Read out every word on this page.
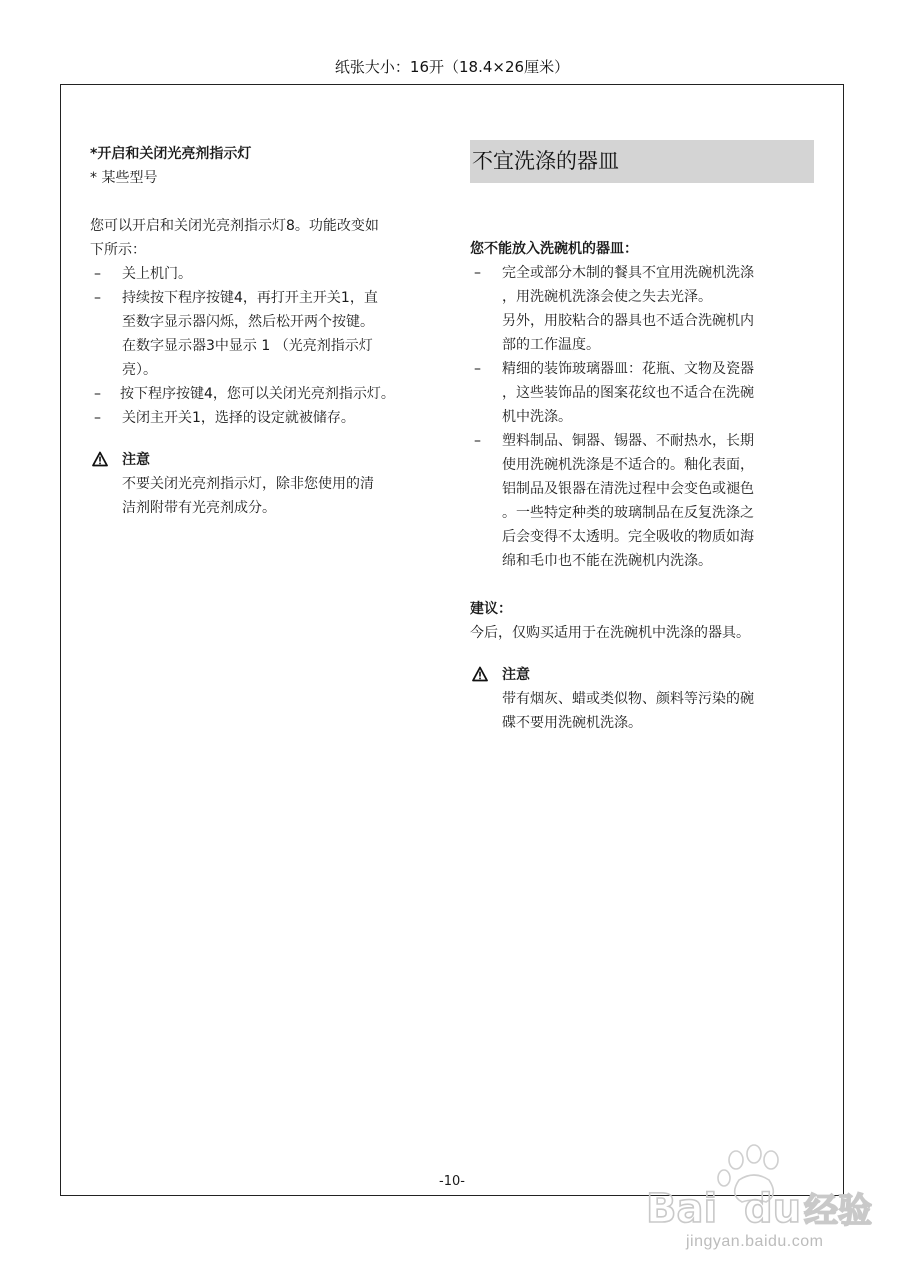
纸张大小：16开（18.4×26厘米）
*开启和关闭光亮剂指示灯
* 某些型号
您可以开启和关闭光亮剂指示灯8。功能改变如
下所示：
–	关上机门。
–	持续按下程序按键4，再打开主开关1，直
至数字显示器闪烁，然后松开两个按键。
在数字显示器3中显示 1 （光亮剂指示灯
亮）。
–	按下程序按键4，您可以关闭光亮剂指示灯。
–	关闭主开关1，选择的设定就被储存。
注意
不要关闭光亮剂指示灯，除非您使用的清
洁剂附带有光亮剂成分。
不宜洗涤的器皿
您不能放入洗碗机的器皿：
–	完全或部分木制的餐具不宜用洗碗机洗涤
，用洗碗机洗涤会使之失去光泽。
另外，用胶粘合的器具也不适合洗碗机内
部的工作温度。
–	精细的装饰玻璃器皿：花瓶、文物及瓷器
，这些装饰品的图案花纹也不适合在洗碗
机中洗涤。
–	塑料制品、铜器、锡器、不耐热水，长期
使用洗碗机洗涤是不适合的。釉化表面，
铝制品及银器在清洗过程中会变色或褪色
。一些特定种类的玻璃制品在反复洗涤之
后会变得不太透明。完全吸收的物质如海
绵和毛巾也不能在洗碗机内洗涤。
建议：
今后，仅购买适用于在洗碗机中洗涤的器具。
注意
带有烟灰、蜡或类似物、颜料等污染的碗
碟不要用洗碗机洗涤。
-10-
Bai du 经验
jingyan.baidu.com
